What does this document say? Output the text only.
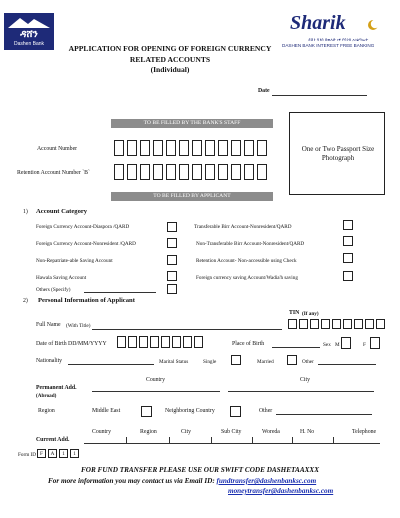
ዳሸን
Dashen Bank
Sharik
ዳሸን ባንክ ከወለድ ነፃ የባንክ አገልግሎት
DASHEN BANK INTEREST FREE BANKING
APPLICATION FOR OPENING OF FOREIGN CURRENCY
RELATED ACCOUNTS
(Individual)
Date
TO BE FILLED BY THE BANK'S STAFF
One or Two Passport Size Photograph
Account Number
Retention Account Number `B`
TO BE FILLED BY APPLICANT
1) Account Category
Foreign Currency Account-Diaspora /QARD	Transferable Birr Account-Nonresident/QARD
Foreign Currency Account-Nonresident /QARD	Non-Transferable Birr Account-Nonresident/QARD
Non-Repatriate-able Saving Account	Retention Account- Non-accessible using Check
Hawala Saving Account	Foreign currency saving Account/Wadia'h saving
Others (Specify)
2) Personal Information of Applicant
TIN (If any)
Full Name (With Title)
Date of Birth DD/MM/YYYY	Place of Birth	Sex M	F
Nationality	Marital Status	Single	Married	Other
Country	City
Permanent Add.
(Abroad)
Region	Middle East	Neighboring Country	Other
Country	Region	City	Sub City	Woreda	H. No	Telephone
Current Add.
Form ID F	A	1	1
FOR FUND TRANSFER PLEASE USE OUR SWIFT CODE DASHETAAXXX
For more information you may contact us via Email ID: fundtransfer@dashenbanksc.com
moneytransfer@dashenbanksc.com
